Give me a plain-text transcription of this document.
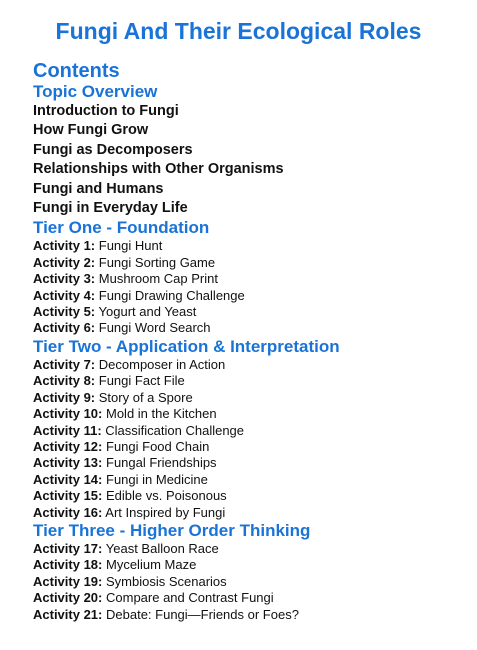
Fungi And Their Ecological Roles
Contents
Topic Overview
Introduction to Fungi
How Fungi Grow
Fungi as Decomposers
Relationships with Other Organisms
Fungi and Humans
Fungi in Everyday Life
Tier One - Foundation
Activity 1: Fungi Hunt
Activity 2: Fungi Sorting Game
Activity 3: Mushroom Cap Print
Activity 4: Fungi Drawing Challenge
Activity 5: Yogurt and Yeast
Activity 6: Fungi Word Search
Tier Two - Application & Interpretation
Activity 7: Decomposer in Action
Activity 8: Fungi Fact File
Activity 9: Story of a Spore
Activity 10: Mold in the Kitchen
Activity 11: Classification Challenge
Activity 12: Fungi Food Chain
Activity 13: Fungal Friendships
Activity 14: Fungi in Medicine
Activity 15: Edible vs. Poisonous
Activity 16: Art Inspired by Fungi
Tier Three - Higher Order Thinking
Activity 17: Yeast Balloon Race
Activity 18: Mycelium Maze
Activity 19: Symbiosis Scenarios
Activity 20: Compare and Contrast Fungi
Activity 21: Debate: Fungi—Friends or Foes?
